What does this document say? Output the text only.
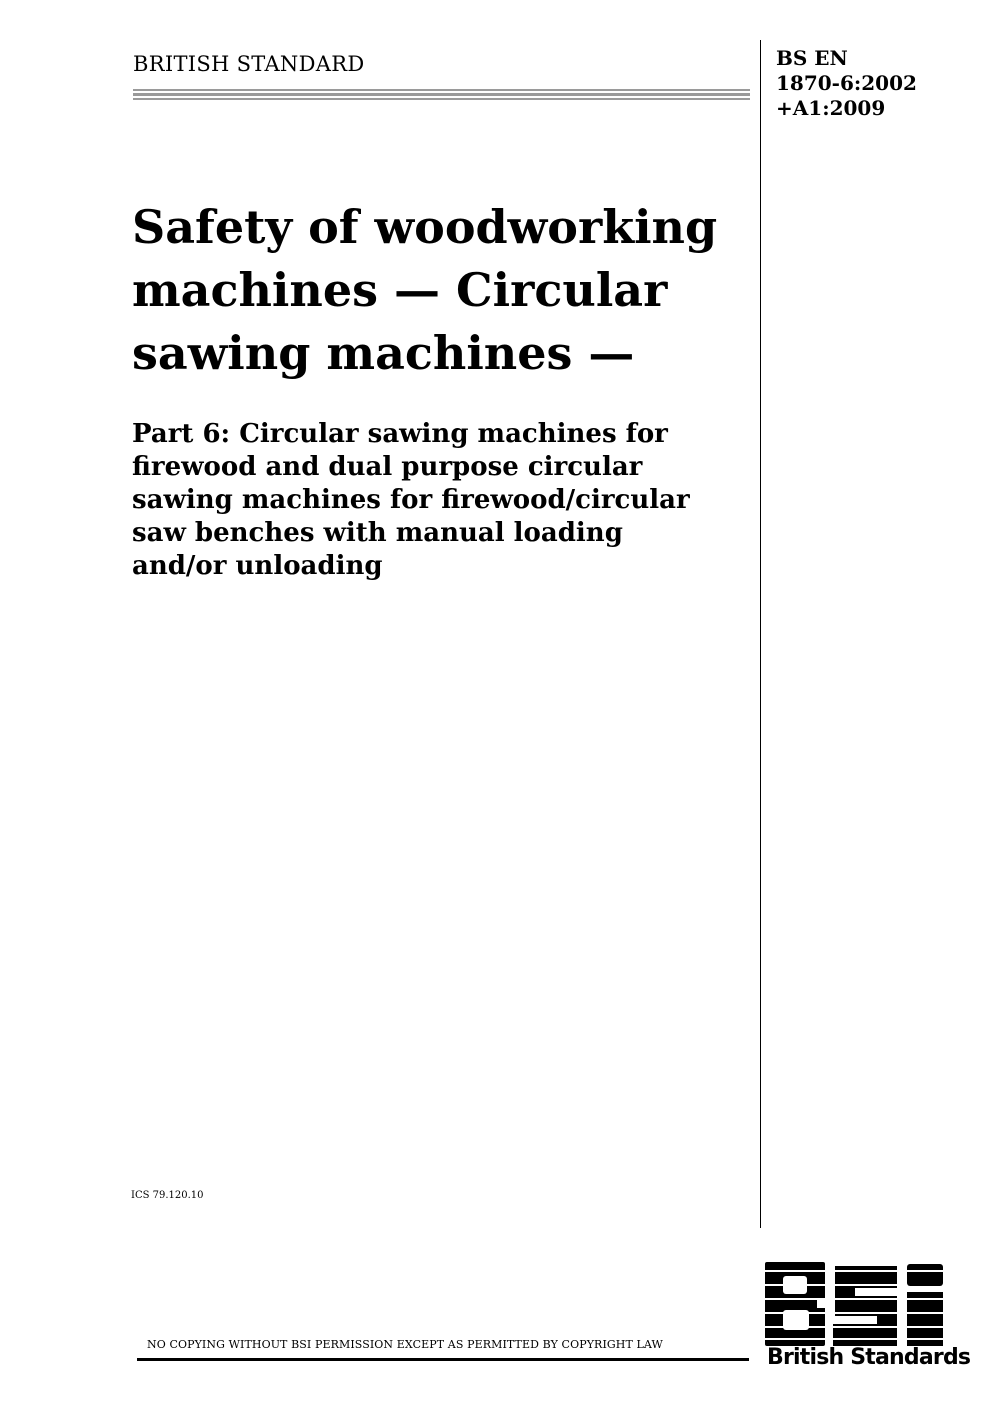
BRITISH STANDARD	BS EN
1870-6:2002
+A1:2009
Safety of woodworking
machines — Circular
sawing machines —
Part 6: Circular sawing machines for
firewood and dual purpose circular
sawing machines for firewood/circular
saw benches with manual loading
and/or unloading
ICS 79.120.10
British Standards
NO COPYING WITHOUT BSI PERMISSION EXCEPT AS PERMITTED BY COPYRIGHT LAW
